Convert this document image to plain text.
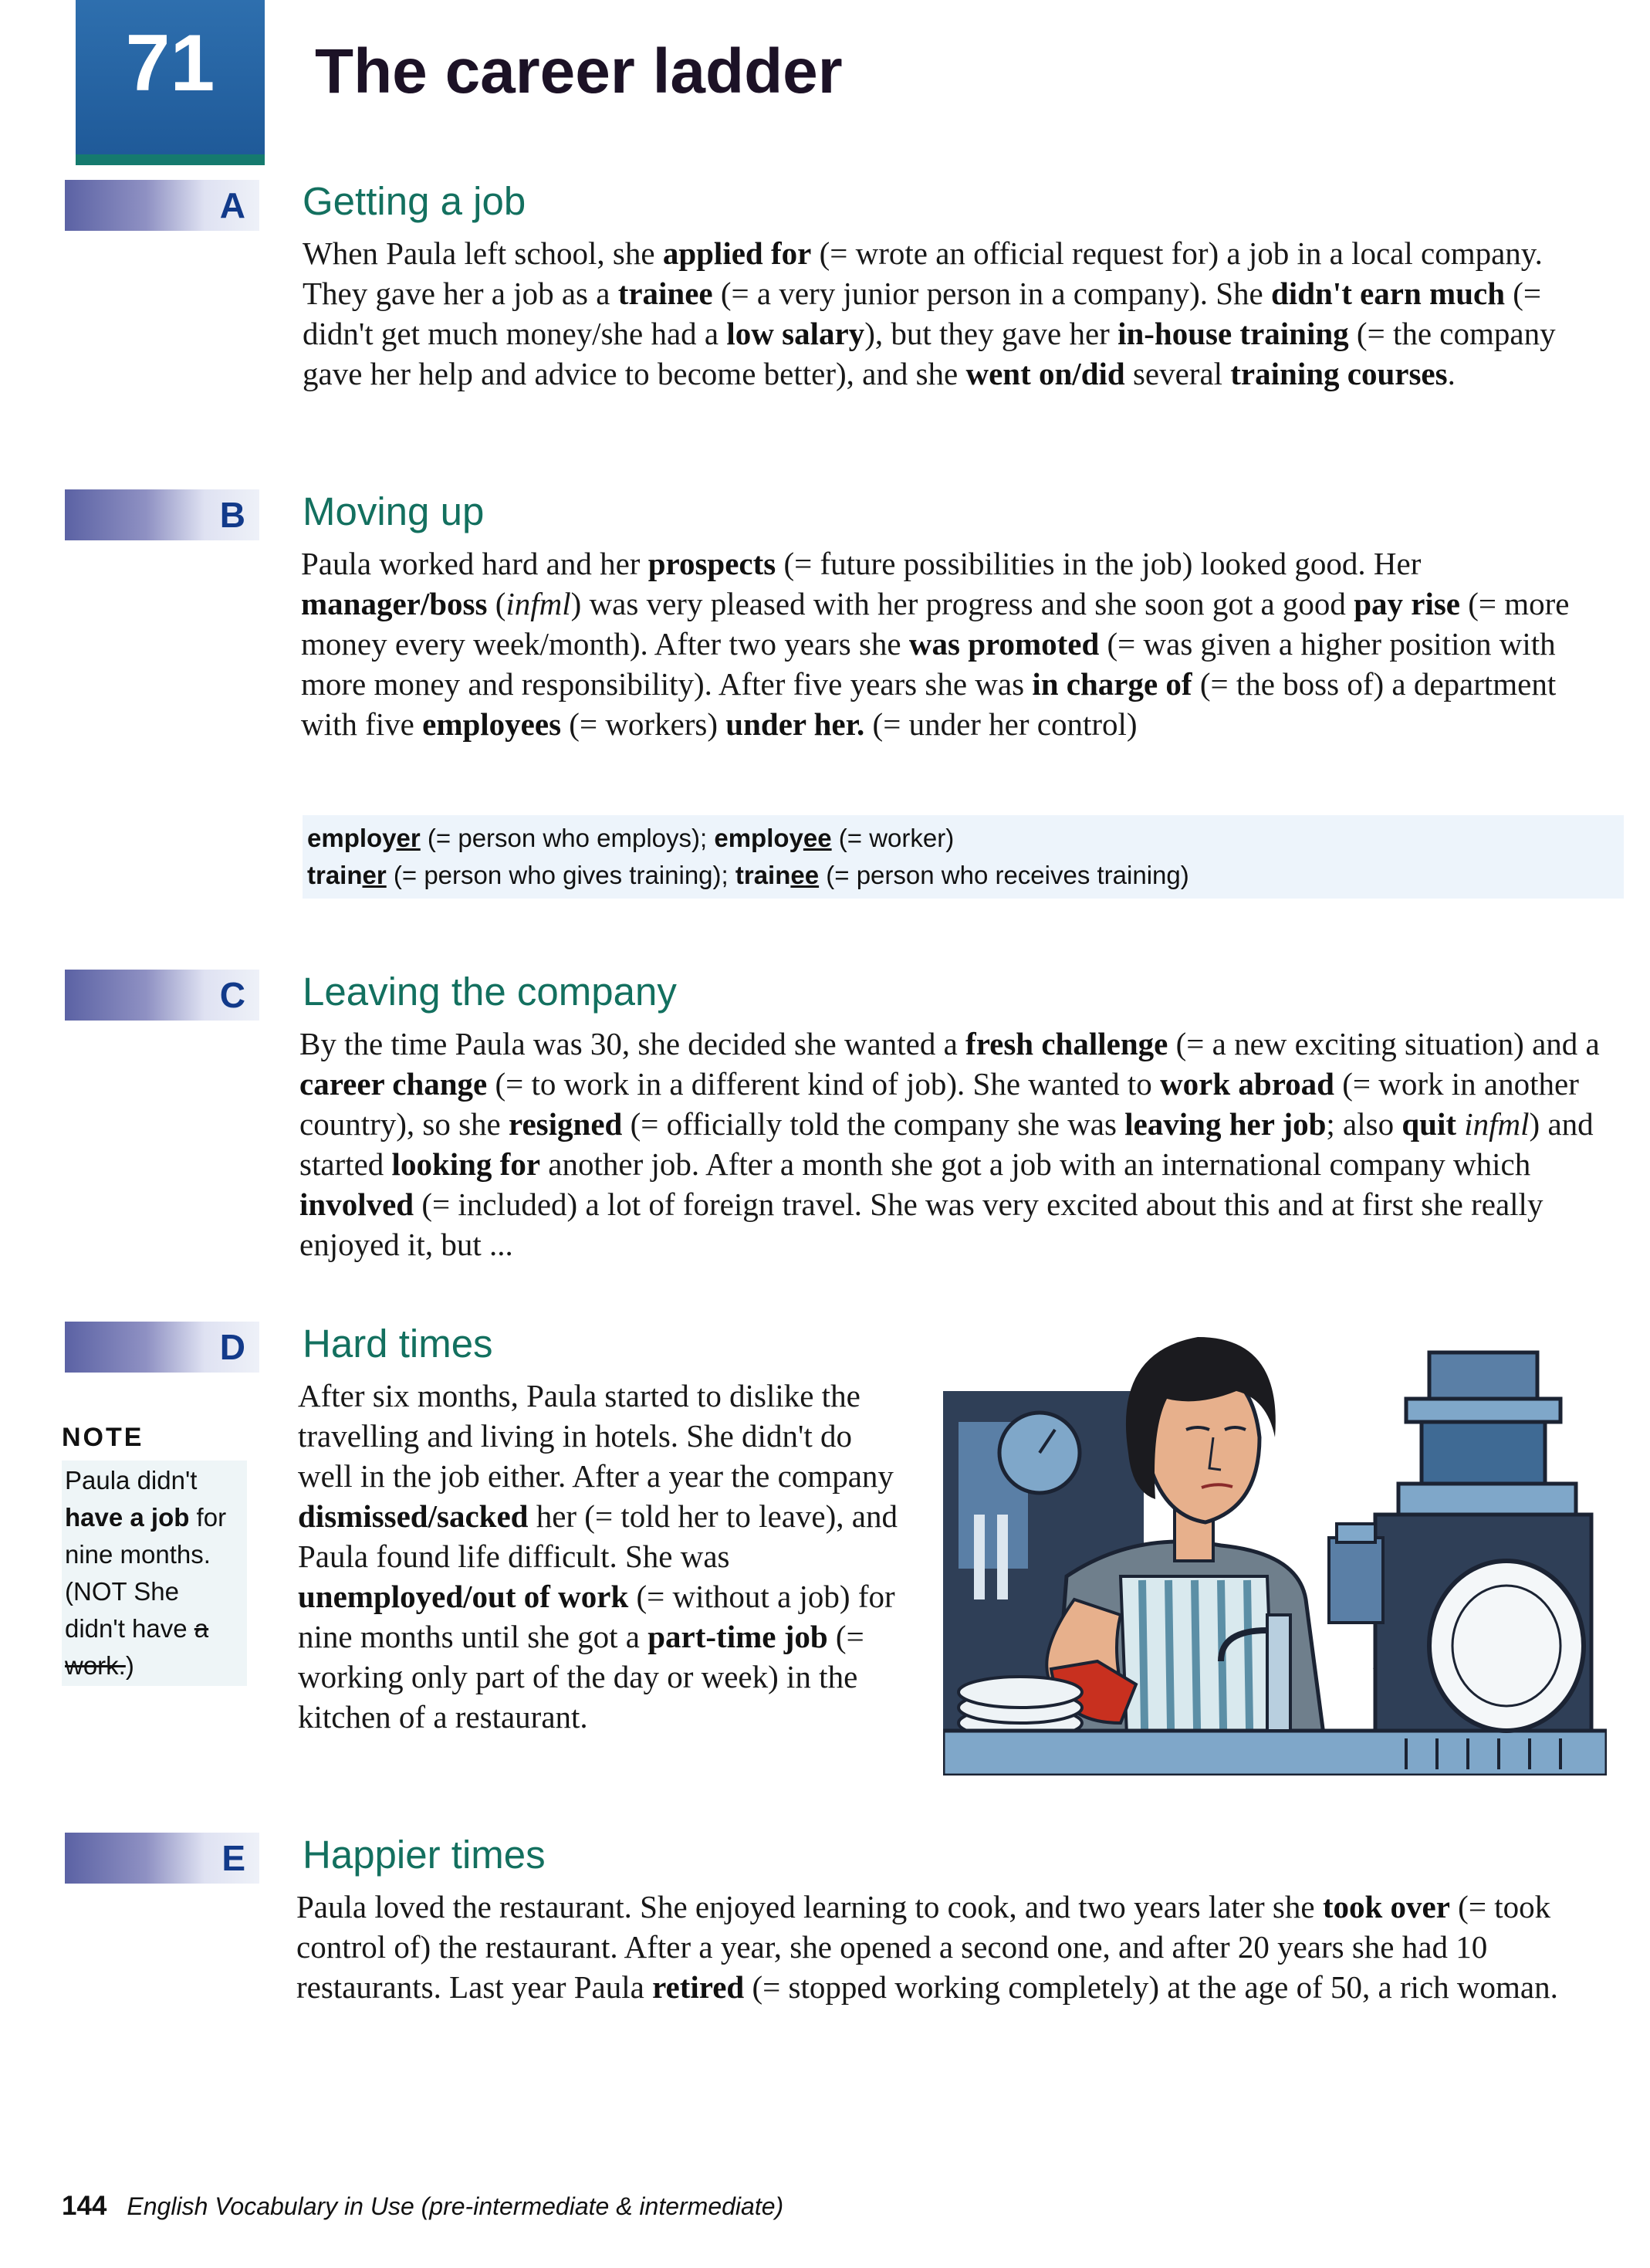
71	The career ladder
A	Getting a job

When Paula left school, she applied for (= wrote an official request for) a job in a local company. They gave her a job as a trainee (= a very junior person in a company). She didn't earn much (= didn't get much money/she had a low salary), but they gave her in-house training (= the company gave her help and advice to become better), and she went on/did several training courses.

B	Moving up

Paula worked hard and her prospects (= future possibilities in the job) looked good. Her manager/boss (infml) was very pleased with her progress and she soon got a good pay rise (= more money every week/month). After two years she was promoted (= was given a higher position with more money and responsibility). After five years she was in charge of (= the boss of) a department with five employees (= workers) under her. (= under her control)

employer (= person who employs); employee (= worker)
trainer (= person who gives training); trainee (= person who receives training)
C	Leaving the company

By the time Paula was 30, she decided she wanted a fresh challenge (= a new exciting situation) and a career change (= to work in a different kind of job). She wanted to work abroad (= work in another country), so she resigned (= officially told the company she was leaving her job; also quit infml) and started looking for another job. After a month she got a job with an international company which involved (= included) a lot of foreign travel. She was very excited about this and at first she really enjoyed it, but ...

D	Hard times

After six months, Paula started to dislike the travelling and living in hotels. She didn't do well in the job either. After a year the company dismissed/sacked her (= told her to leave), and Paula found life difficult. She was unemployed/out of work (= without a job) for nine months until she got a part-time job (= working only part of the day or week) in the kitchen of a restaurant.

NOTE
Paula didn't have a job for nine months. (NOT She didn't have a work.)
E	Happier times

Paula loved the restaurant. She enjoyed learning to cook, and two years later she took over (= took control of) the restaurant. After a year, she opened a second one, and after 20 years she had 10 restaurants. Last year Paula retired (= stopped working completely) at the age of 50, a rich woman.

144 English Vocabulary in Use (pre-intermediate & intermediate)
